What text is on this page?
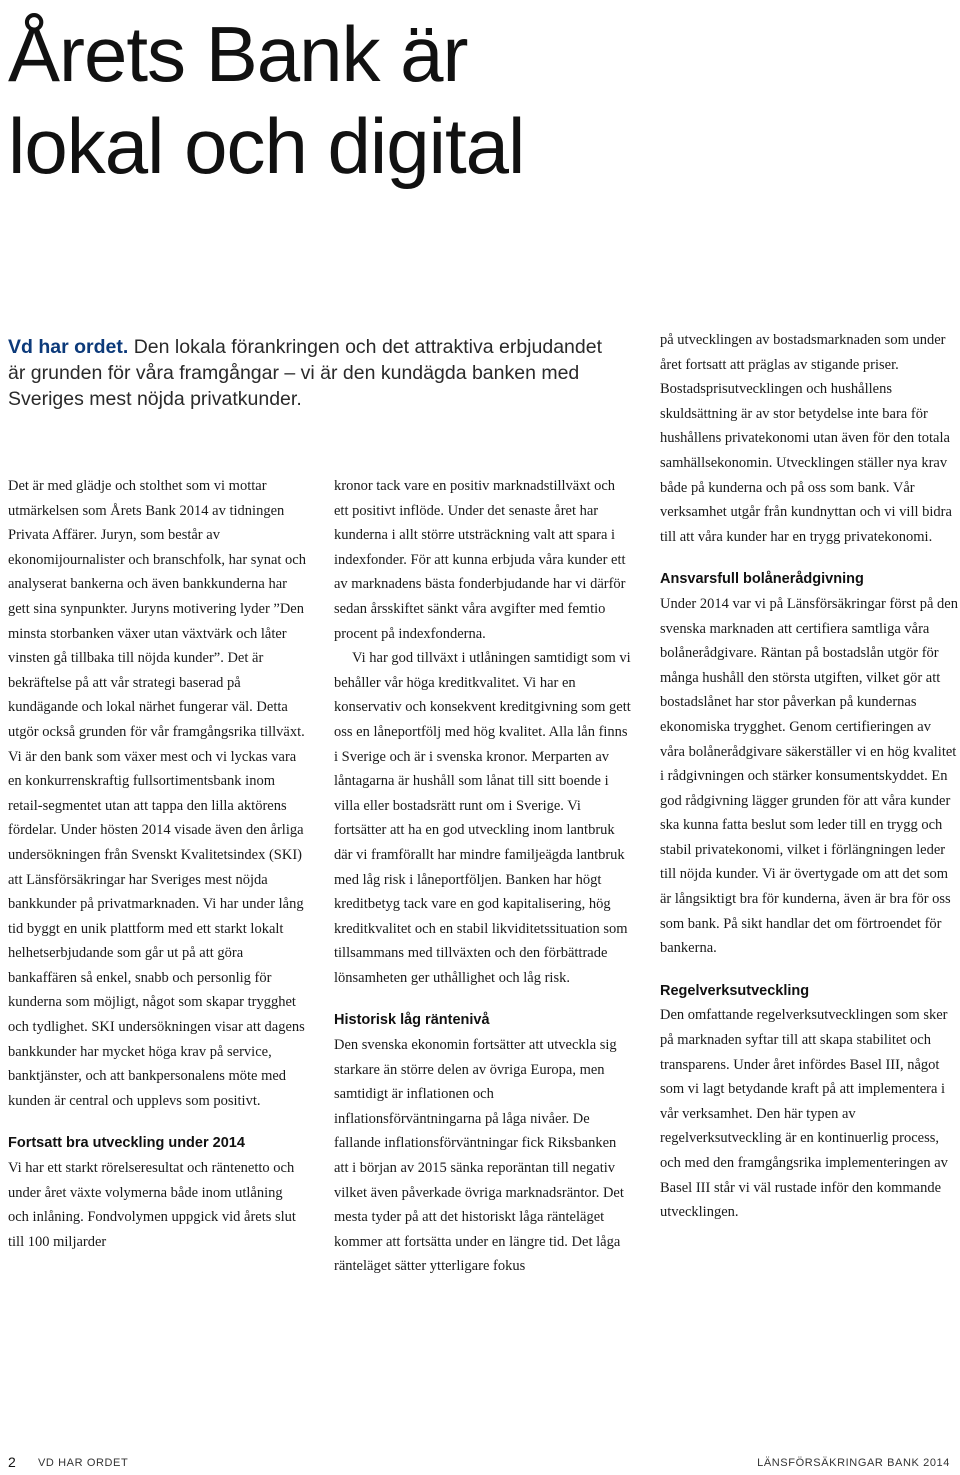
Årets Bank är
lokal och digital

Vd har ordet. Den lokala förankringen och det attraktiva erbjudandet är grunden för våra framgångar – vi är den kundägda banken med Sveriges mest nöjda privatkunder.

Det är med glädje och stolthet som vi mottar utmärkelsen som Årets Bank 2014 av tidningen Privata Affärer. Juryn, som består av ekonomijournalister och branschfolk, har synat och analyserat bankerna och även bankkunderna har gett sina synpunkter. Juryns motivering lyder ”Den minsta storbanken växer utan växtvärk och låter vinsten gå tillbaka till nöjda kunder”. Det är bekräftelse på att vår strategi baserad på kundägande och lokal närhet fungerar väl. Detta utgör också grunden för vår framgångsrika tillväxt. Vi är den bank som växer mest och vi lyckas vara en konkurrenskraftig fullsortimentsbank inom retail-segmentet utan att tappa den lilla aktörens fördelar. Under hösten 2014 visade även den årliga undersökningen från Svenskt Kvalitetsindex (SKI) att Länsförsäkringar har Sveriges mest nöjda bankkunder på privatmarknaden. Vi har under lång tid byggt en unik plattform med ett starkt lokalt helhetserbjudande som går ut på att göra bankaffären så enkel, snabb och personlig för kunderna som möjligt, något som skapar trygghet och tydlighet. SKI undersökningen visar att dagens bankkunder har mycket höga krav på service, banktjänster, och att bankpersonalens möte med kunden är central och upplevs som positivt.

Fortsatt bra utveckling under 2014

Vi har ett starkt rörelseresultat och räntenetto och under året växte volymerna både inom utlåning och inlåning. Fondvolymen uppgick vid årets slut till 100 miljarder

kronor tack vare en positiv marknadstillväxt och ett positivt inflöde. Under det senaste året har kunderna i allt större utsträckning valt att spara i indexfonder. För att kunna erbjuda våra kunder ett av marknadens bästa fonderbjudande har vi därför sedan årsskiftet sänkt våra avgifter med femtio procent på indexfonderna.

Vi har god tillväxt i utlåningen samtidigt som vi behåller vår höga kreditkvalitet. Vi har en konservativ och konsekvent kreditgivning som gett oss en låneportfölj med hög kvalitet. Alla lån finns i Sverige och är i svenska kronor. Merparten av låntagarna är hushåll som lånat till sitt boende i villa eller bostadsrätt runt om i Sverige. Vi fortsätter att ha en god utveckling inom lantbruk där vi framförallt har mindre familjeägda lantbruk med låg risk i låneportföljen. Banken har högt kreditbetyg tack vare en god kapitalisering, hög kreditkvalitet och en stabil likviditetssituation som tillsammans med tillväxten och den förbättrade lönsamheten ger uthållighet och låg risk.

Historisk låg räntenivå

Den svenska ekonomin fortsätter att utveckla sig starkare än större delen av övriga Europa, men samtidigt är inflationen och inflationsförväntningarna på låga nivåer. De fallande inflationsförväntningar fick Riksbanken att i början av 2015 sänka reporäntan till negativ vilket även påverkade övriga marknadsräntor. Det mesta tyder på att det historiskt låga ränteläget kommer att fortsätta under en längre tid. Det låga ränteläget sätter ytterligare fokus

på utvecklingen av bostadsmarknaden som under året fortsatt att präglas av stigande priser. Bostadsprisutvecklingen och hushållens skuldsättning är av stor betydelse inte bara för hushållens privatekonomi utan även för den totala samhällsekonomin. Utvecklingen ställer nya krav både på kunderna och på oss som bank. Vår verksamhet utgår från kundnyttan och vi vill bidra till att våra kunder har en trygg privatekonomi.

Ansvarsfull bolånerådgivning

Under 2014 var vi på Länsförsäkringar först på den svenska marknaden att certifiera samtliga våra bolånerådgivare. Räntan på bostadslån utgör för många hushåll den största utgiften, vilket gör att bostadslånet har stor påverkan på kundernas ekonomiska trygghet. Genom certifieringen av våra bolånerådgivare säkerställer vi en hög kvalitet i rådgivningen och stärker konsumentskyddet. En god rådgivning lägger grunden för att våra kunder ska kunna fatta beslut som leder till en trygg och stabil privatekonomi, vilket i förlängningen leder till nöjda kunder. Vi är övertygade om att det som är långsiktigt bra för kunderna, även är bra för oss som bank. På sikt handlar det om förtroendet för bankerna.

Regelverksutveckling

Den omfattande regelverksutvecklingen som sker på marknaden syftar till att skapa stabilitet och transparens. Under året infördes Basel III, något som vi lagt betydande kraft på att implementera i vår verksamhet. Den här typen av regelverksutveckling är en kontinuerlig process, och med den framgångsrika implementeringen av Basel III står vi väl rustade inför den kommande utvecklingen.

2 VD HAR ORDET	LÄNSFÖRSÄKRINGAR BANK 2014
